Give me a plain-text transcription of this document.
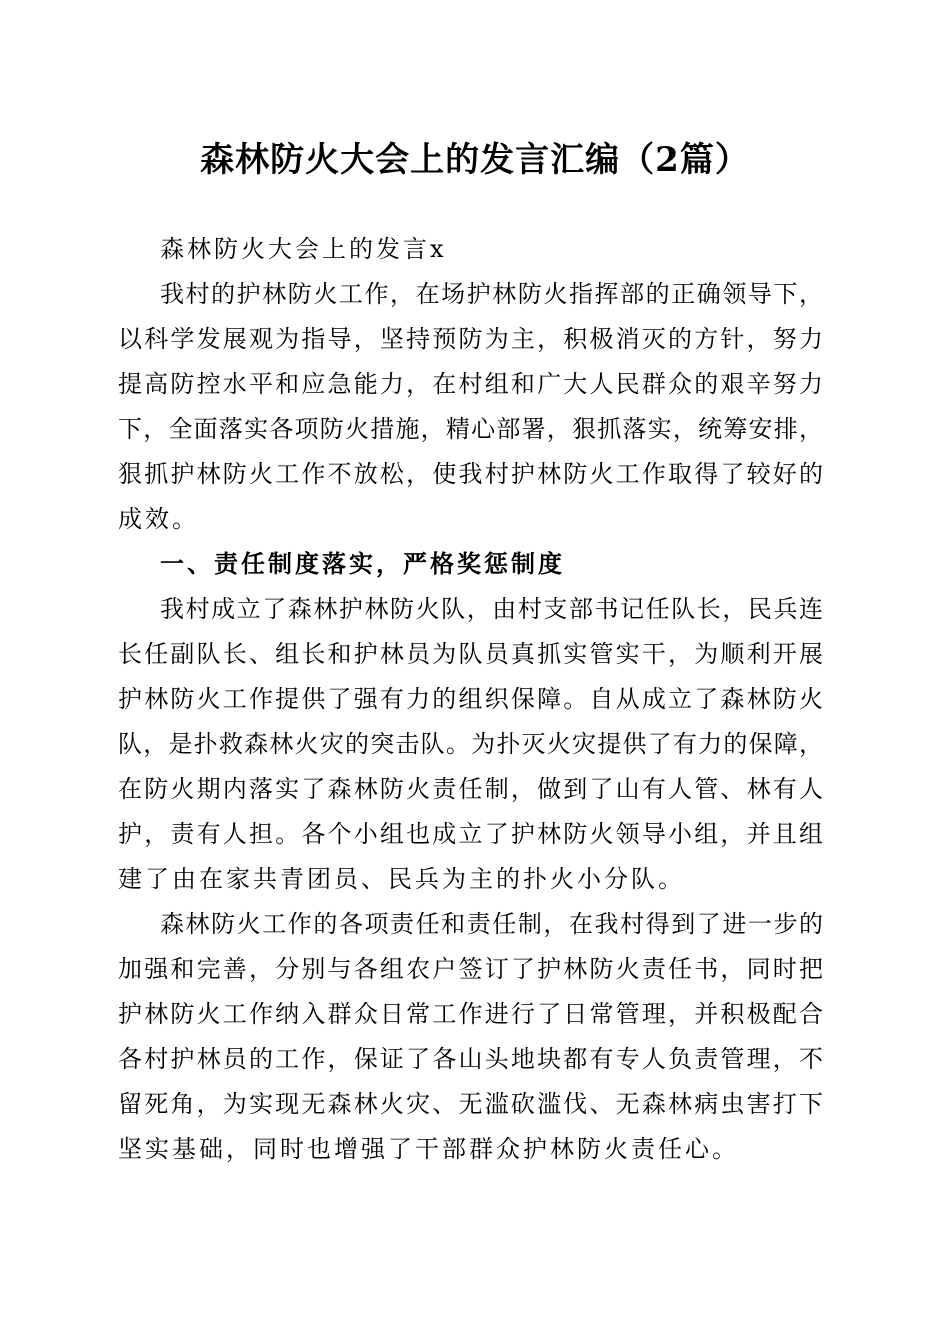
森林防火大会上的发言汇编（2篇）
森林防火大会上的发言x
我村的护林防火工作，在场护林防火指挥部的正确领导下，
以科学发展观为指导，坚持预防为主，积极消灭的方针，努力
提高防控水平和应急能力，在村组和广大人民群众的艰辛努力
下，全面落实各项防火措施，精心部署，狠抓落实，统筹安排，
狠抓护林防火工作不放松，使我村护林防火工作取得了较好的
成效。
一、责任制度落实，严格奖惩制度
我村成立了森林护林防火队，由村支部书记任队长，民兵连
长任副队长、组长和护林员为队员真抓实管实干，为顺利开展
护林防火工作提供了强有力的组织保障。自从成立了森林防火
队，是扑救森林火灾的突击队。为扑灭火灾提供了有力的保障，
在防火期内落实了森林防火责任制，做到了山有人管、林有人
护，责有人担。各个小组也成立了护林防火领导小组，并且组
建了由在家共青团员、民兵为主的扑火小分队。
森林防火工作的各项责任和责任制，在我村得到了进一步的
加强和完善，分别与各组农户签订了护林防火责任书，同时把
护林防火工作纳入群众日常工作进行了日常管理，并积极配合
各村护林员的工作，保证了各山头地块都有专人负责管理，不
留死角，为实现无森林火灾、无滥砍滥伐、无森林病虫害打下
坚实基础，同时也增强了干部群众护林防火责任心。
